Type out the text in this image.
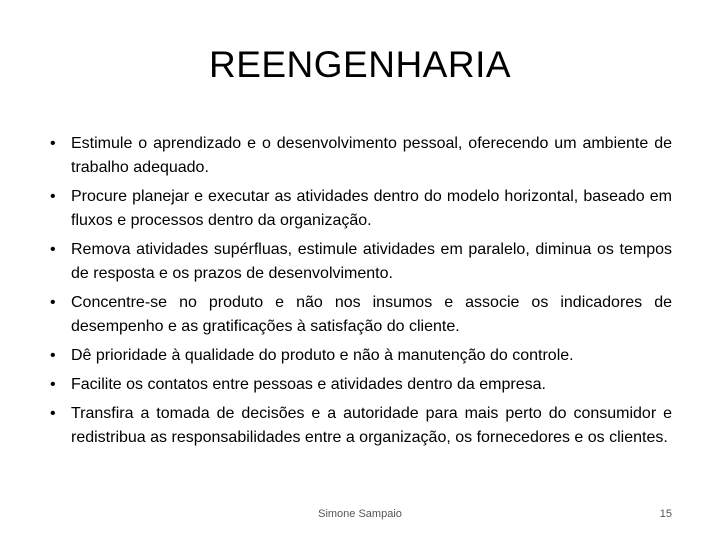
REENGENHARIA
• Estimule o aprendizado e o desenvolvimento pessoal, oferecendo um ambiente de trabalho adequado.
• Procure planejar e executar as atividades dentro do modelo horizontal, baseado em fluxos e processos dentro da organização.
• Remova atividades supérfluas, estimule atividades em paralelo, diminua os tempos de resposta e os prazos de desenvolvimento.
• Concentre-se no produto e não nos insumos e associe os indicadores de desempenho e as gratificações à satisfação do cliente.
• Dê prioridade à qualidade do produto e não à manutenção do controle.
• Facilite os contatos entre pessoas e atividades dentro da empresa.
• Transfira a tomada de decisões e a autoridade para mais perto do consumidor e redistribua as responsabilidades entre a organização, os fornecedores e os clientes.
Simone Sampaio	15
